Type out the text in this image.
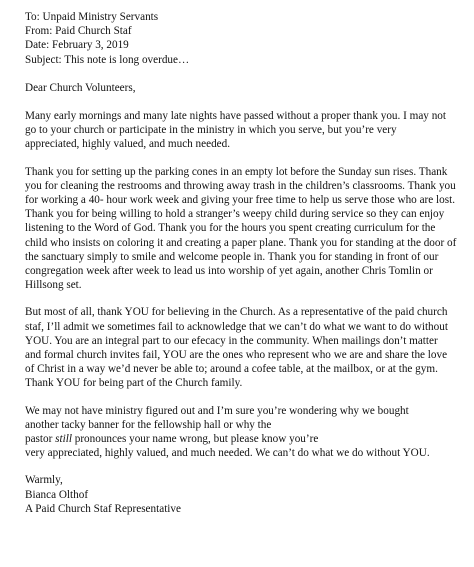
To: Unpaid Ministry Servants
From: Paid Church Staf
Date: February 3, 2019
Subject: This note is long overdue…
Dear Church Volunteers,
Many early mornings and many late nights have passed without a proper thank you. I may not
go to your church or participate in the ministry in which you serve, but you’re very
appreciated, highly valued, and much needed.
Thank you for setting up the parking cones in an empty lot before the Sunday sun rises. Thank
you for cleaning the restrooms and throwing away trash in the children’s classrooms. Thank you
for working a 40- hour work week and giving your free time to help us serve those who are lost.
Thank you for being willing to hold a stranger’s weepy child during service so they can enjoy
listening to the Word of God. Thank you for the hours you spent creating curriculum for the
child who insists on coloring it and creating a paper plane. Thank you for standing at the door of
the sanctuary simply to smile and welcome people in. Thank you for standing in front of our
congregation week after week to lead us into worship of yet again, another Chris Tomlin or
Hillsong set.
But most of all, thank YOU for believing in the Church. As a representative of the paid church
staf, I’ll admit we sometimes fail to acknowledge that we can’t do what we want to do without
YOU. You are an integral part to our efecacy in the community. When mailings don’t matter
and formal church invites fail, YOU are the ones who represent who we are and share the love
of Christ in a way we’d never be able to; around a cofee table, at the mailbox, or at the gym.
Thank YOU for being part of the Church family.
We may not have ministry figured out and I’m sure you’re wondering why we bought
another tacky banner for the fellowship hall or why the
pastor still pronounces your name wrong, but please know you’re
very appreciated, highly valued, and much needed. We can’t do what we do without YOU.
Warmly,
Bianca Olthof
A Paid Church Staf Representative
